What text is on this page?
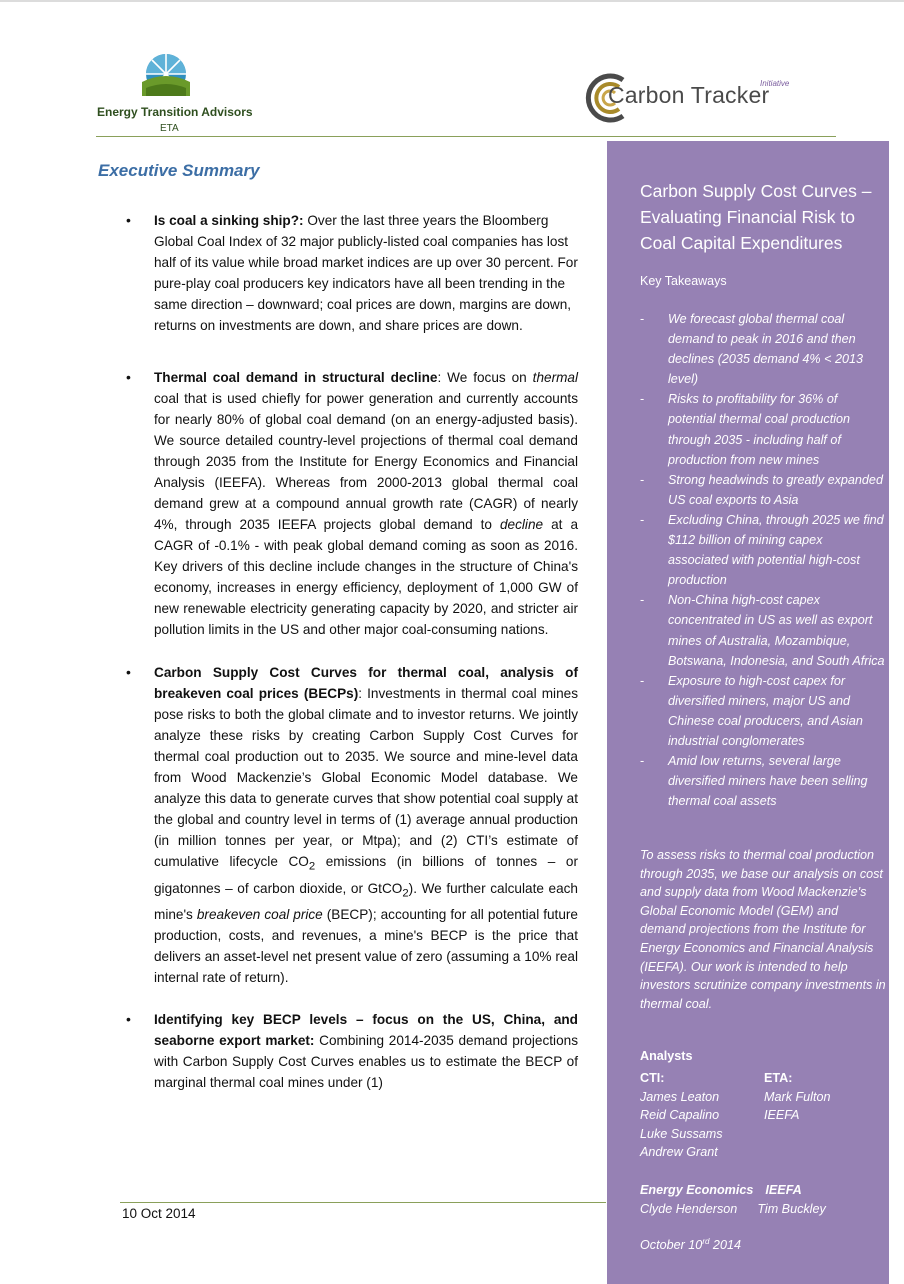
Energy Transition Advisors
ETA
Carbon Tracker
Initiative
Executive Summary
• Is coal a sinking ship?: Over the last three years the Bloomberg Global Coal Index of 32 major publicly-listed coal companies has lost half of its value while broad market indices are up over 30 percent. For pure-play coal producers key indicators have all been trending in the same direction – downward; coal prices are down, margins are down, returns on investments are down, and share prices are down.
• Thermal coal demand in structural decline: We focus on thermal coal that is used chiefly for power generation and currently accounts for nearly 80% of global coal demand (on an energy-adjusted basis). We source detailed country-level projections of thermal coal demand through 2035 from the Institute for Energy Economics and Financial Analysis (IEEFA). Whereas from 2000-2013 global thermal coal demand grew at a compound annual growth rate (CAGR) of nearly 4%, through 2035 IEEFA projects global demand to decline at a CAGR of -0.1% - with peak global demand coming as soon as 2016. Key drivers of this decline include changes in the structure of China's economy, increases in energy efficiency, deployment of 1,000 GW of new renewable electricity generating capacity by 2020, and stricter air pollution limits in the US and other major coal-consuming nations.
• Carbon Supply Cost Curves for thermal coal, analysis of breakeven coal prices (BECPs): Investments in thermal coal mines pose risks to both the global climate and to investor returns. We jointly analyze these risks by creating Carbon Supply Cost Curves for thermal coal production out to 2035. We source and mine-level data from Wood Mackenzie’s Global Economic Model database. We analyze this data to generate curves that show potential coal supply at the global and country level in terms of (1) average annual production (in million tonnes per year, or Mtpa); and (2) CTI’s estimate of cumulative lifecycle $CO_2$ emissions (in billions of tonnes – or gigatonnes – of carbon dioxide, or GtCO$_2$). We further calculate each mine's breakeven coal price (BECP); accounting for all potential future production, costs, and revenues, a mine's BECP is the price that delivers an asset-level net present value of zero (assuming a 10% real internal rate of return).
• Identifying key BECP levels – focus on the US, China, and seaborne export market: Combining 2014-2035 demand projections with Carbon Supply Cost Curves enables us to estimate the BECP of marginal thermal coal mines under (1)
10 Oct 2014
Carbon Supply Cost Curves – Evaluating Financial Risk to Coal Capital Expenditures
Key Takeaways
- We forecast global thermal coal demand to peak in 2016 and then declines (2035 demand 4% < 2013 level)
- Risks to profitability for 36% of potential thermal coal production through 2035 - including half of production from new mines
- Strong headwinds to greatly expanded US coal exports to Asia
- Excluding China, through 2025 we find $112 billion of mining capex associated with potential high-cost production
- Non-China high-cost capex concentrated in US as well as export mines of Australia, Mozambique, Botswana, Indonesia, and South Africa
- Exposure to high-cost capex for diversified miners, major US and Chinese coal producers, and Asian industrial conglomerates
- Amid low returns, several large diversified miners have been selling thermal coal assets
To assess risks to thermal coal production through 2035, we base our analysis on cost and supply data from Wood Mackenzie's Global Economic Model (GEM) and demand projections from the Institute for Energy Economics and Financial Analysis (IEEFA). Our work is intended to help investors scrutinize company investments in thermal coal.
Analysts
CTI:
James Leaton
Reid Capalino
Luke Sussams
Andrew Grant
ETA:
Mark Fulton
IEEFA
Energy Economics IEEFA
Clyde Henderson Tim Buckley
October 10rd 2014
